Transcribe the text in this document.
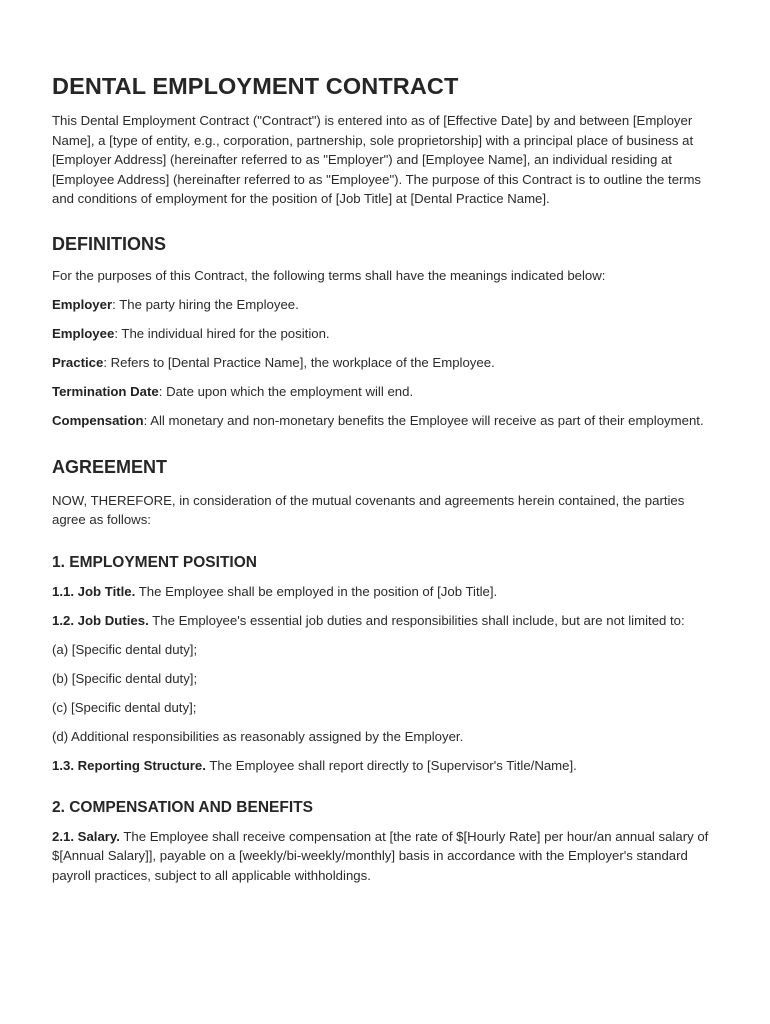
DENTAL EMPLOYMENT CONTRACT

This Dental Employment Contract ("Contract") is entered into as of [Effective Date] by and between [Employer Name], a [type of entity, e.g., corporation, partnership, sole proprietorship] with a principal place of business at [Employer Address] (hereinafter referred to as "Employer") and [Employee Name], an individual residing at [Employee Address] (hereinafter referred to as "Employee"). The purpose of this Contract is to outline the terms and conditions of employment for the position of [Job Title] at [Dental Practice Name].

DEFINITIONS

For the purposes of this Contract, the following terms shall have the meanings indicated below:

Employer: The party hiring the Employee.

Employee: The individual hired for the position.

Practice: Refers to [Dental Practice Name], the workplace of the Employee.

Termination Date: Date upon which the employment will end.

Compensation: All monetary and non-monetary benefits the Employee will receive as part of their employment.

AGREEMENT

NOW, THEREFORE, in consideration of the mutual covenants and agreements herein contained, the parties agree as follows:

1. EMPLOYMENT POSITION

1.1. Job Title. The Employee shall be employed in the position of [Job Title].

1.2. Job Duties. The Employee's essential job duties and responsibilities shall include, but are not limited to:

(a) [Specific dental duty];

(b) [Specific dental duty];

(c) [Specific dental duty];

(d) Additional responsibilities as reasonably assigned by the Employer.

1.3. Reporting Structure. The Employee shall report directly to [Supervisor's Title/Name].

2. COMPENSATION AND BENEFITS

2.1. Salary. The Employee shall receive compensation at [the rate of $[Hourly Rate] per hour/an annual salary of $[Annual Salary]], payable on a [weekly/bi-weekly/monthly] basis in accordance with the Employer's standard payroll practices, subject to all applicable withholdings.
